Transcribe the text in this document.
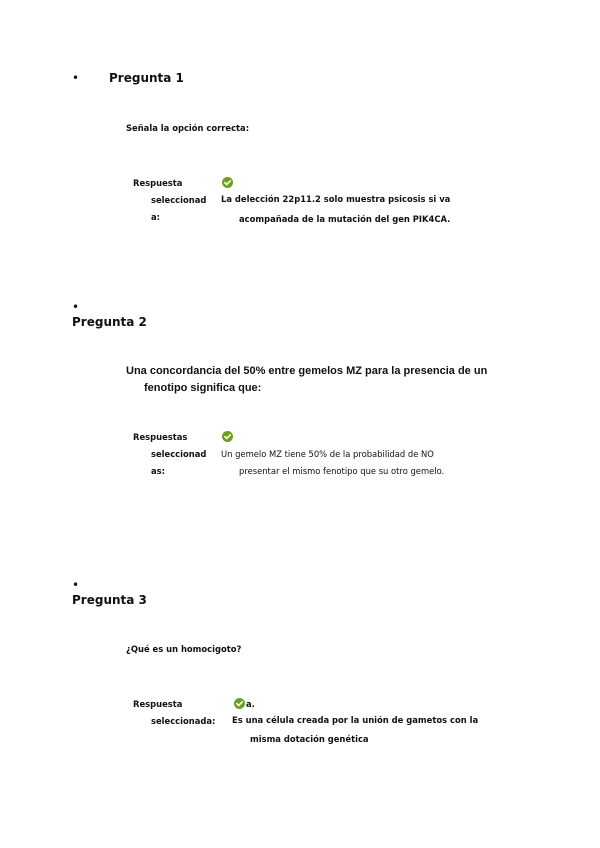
• Pregunta 1
Señala la opción correcta:
Respuesta
seleccionad
a:
La delección 22p11.2 solo muestra psicosis si va
acompañada de la mutación del gen PIK4CA.
•
Pregunta 2
Una concordancia del 50% entre gemelos MZ para la presencia de un
fenotipo significa que:
Respuestas
seleccionad
as:
Un gemelo MZ tiene 50% de la probabilidad de NO
presentar el mismo fenotipo que su otro gemelo.
•
Pregunta 3
¿Qué es un homocigoto?
Respuesta
seleccionada:
a.
Es una célula creada por la unión de gametos con la
misma dotación genética
